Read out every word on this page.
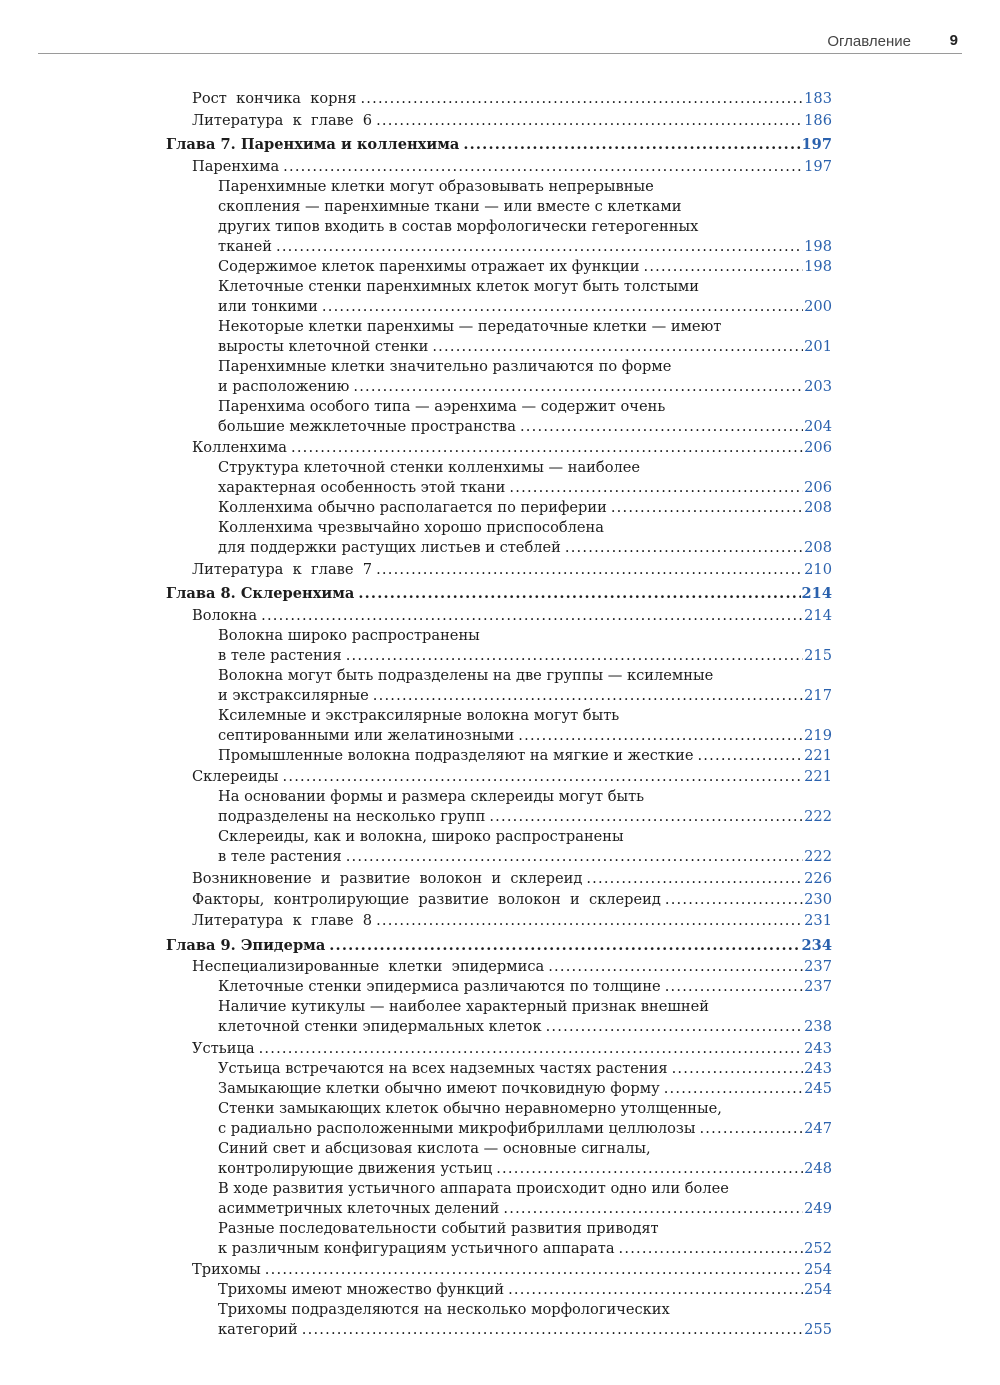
Оглавление	9
Рост  кончика  корня .....	183
Литература  к  главе  6 .....	186
Глава 7. Паренхима и колленхима .....	197
Паренхима .....	197
Паренхимные клетки могут образовывать непрерывные
скопления — паренхимные ткани — или вместе с клетками
других типов входить в состав морфологически гетерогенных
тканей .....	198
Содержимое клеток паренхимы отражает их функции .....	198
Клеточные стенки паренхимных клеток могут быть толстыми
или тонкими .....	200
Некоторые клетки паренхимы — передаточные клетки — имеют
выросты клеточной стенки .....	201
Паренхимные клетки значительно различаются по форме
и расположению .....	203
Паренхима особого типа — аэренхима — содержит очень
большие межклеточные пространства .....	204
Колленхима .....	206
Структура клеточной стенки колленхимы — наиболее
характерная особенность этой ткани .....	206
Колленхима обычно располагается по периферии .....	208
Колленхима чрезвычайно хорошо приспособлена
для поддержки растущих листьев и стеблей .....	208
Литература  к  главе  7 .....	210
Глава 8. Склеренхима .....	214
Волокна .....	214
Волокна широко распространены
в теле растения .....	215
Волокна могут быть подразделены на две группы — ксилемные
и экстраксилярные .....	217
Ксилемные и экстраксилярные волокна могут быть
септированными или желатинозными .....	219
Промышленные волокна подразделяют на мягкие и жесткие .....	221
Склереиды .....	221
На основании формы и размера склереиды могут быть
подразделены на несколько групп .....	222
Склереиды, как и волокна, широко распространены
в теле растения .....	222
Возникновение  и  развитие  волокон  и  склереид .....	226
Факторы,  контролирующие  развитие  волокон  и  склереид .....	230
Литература  к  главе  8 .....	231
Глава 9. Эпидерма .....	234
Неспециализированные  клетки  эпидермиса .....	237
Клеточные стенки эпидермиса различаются по толщине .....	237
Наличие кутикулы — наиболее характерный признак внешней
клеточной стенки эпидермальных клеток .....	238
Устьица .....	243
Устьица встречаются на всех надземных частях растения .....	243
Замыкающие клетки обычно имеют почковидную форму .....	245
Стенки замыкающих клеток обычно неравномерно утолщенные,
с радиально расположенными микрофибриллами целлюлозы .....	247
Синий свет и абсцизовая кислота — основные сигналы,
контролирующие движения устьиц .....	248
В ходе развития устьичного аппарата происходит одно или более
асимметричных клеточных делений .....	249
Разные последовательности событий развития приводят
к различным конфигурациям устьичного аппарата .....	252
Трихомы .....	254
Трихомы имеют множество функций .....	254
Трихомы подразделяются на несколько морфологических
категорий .....	255
